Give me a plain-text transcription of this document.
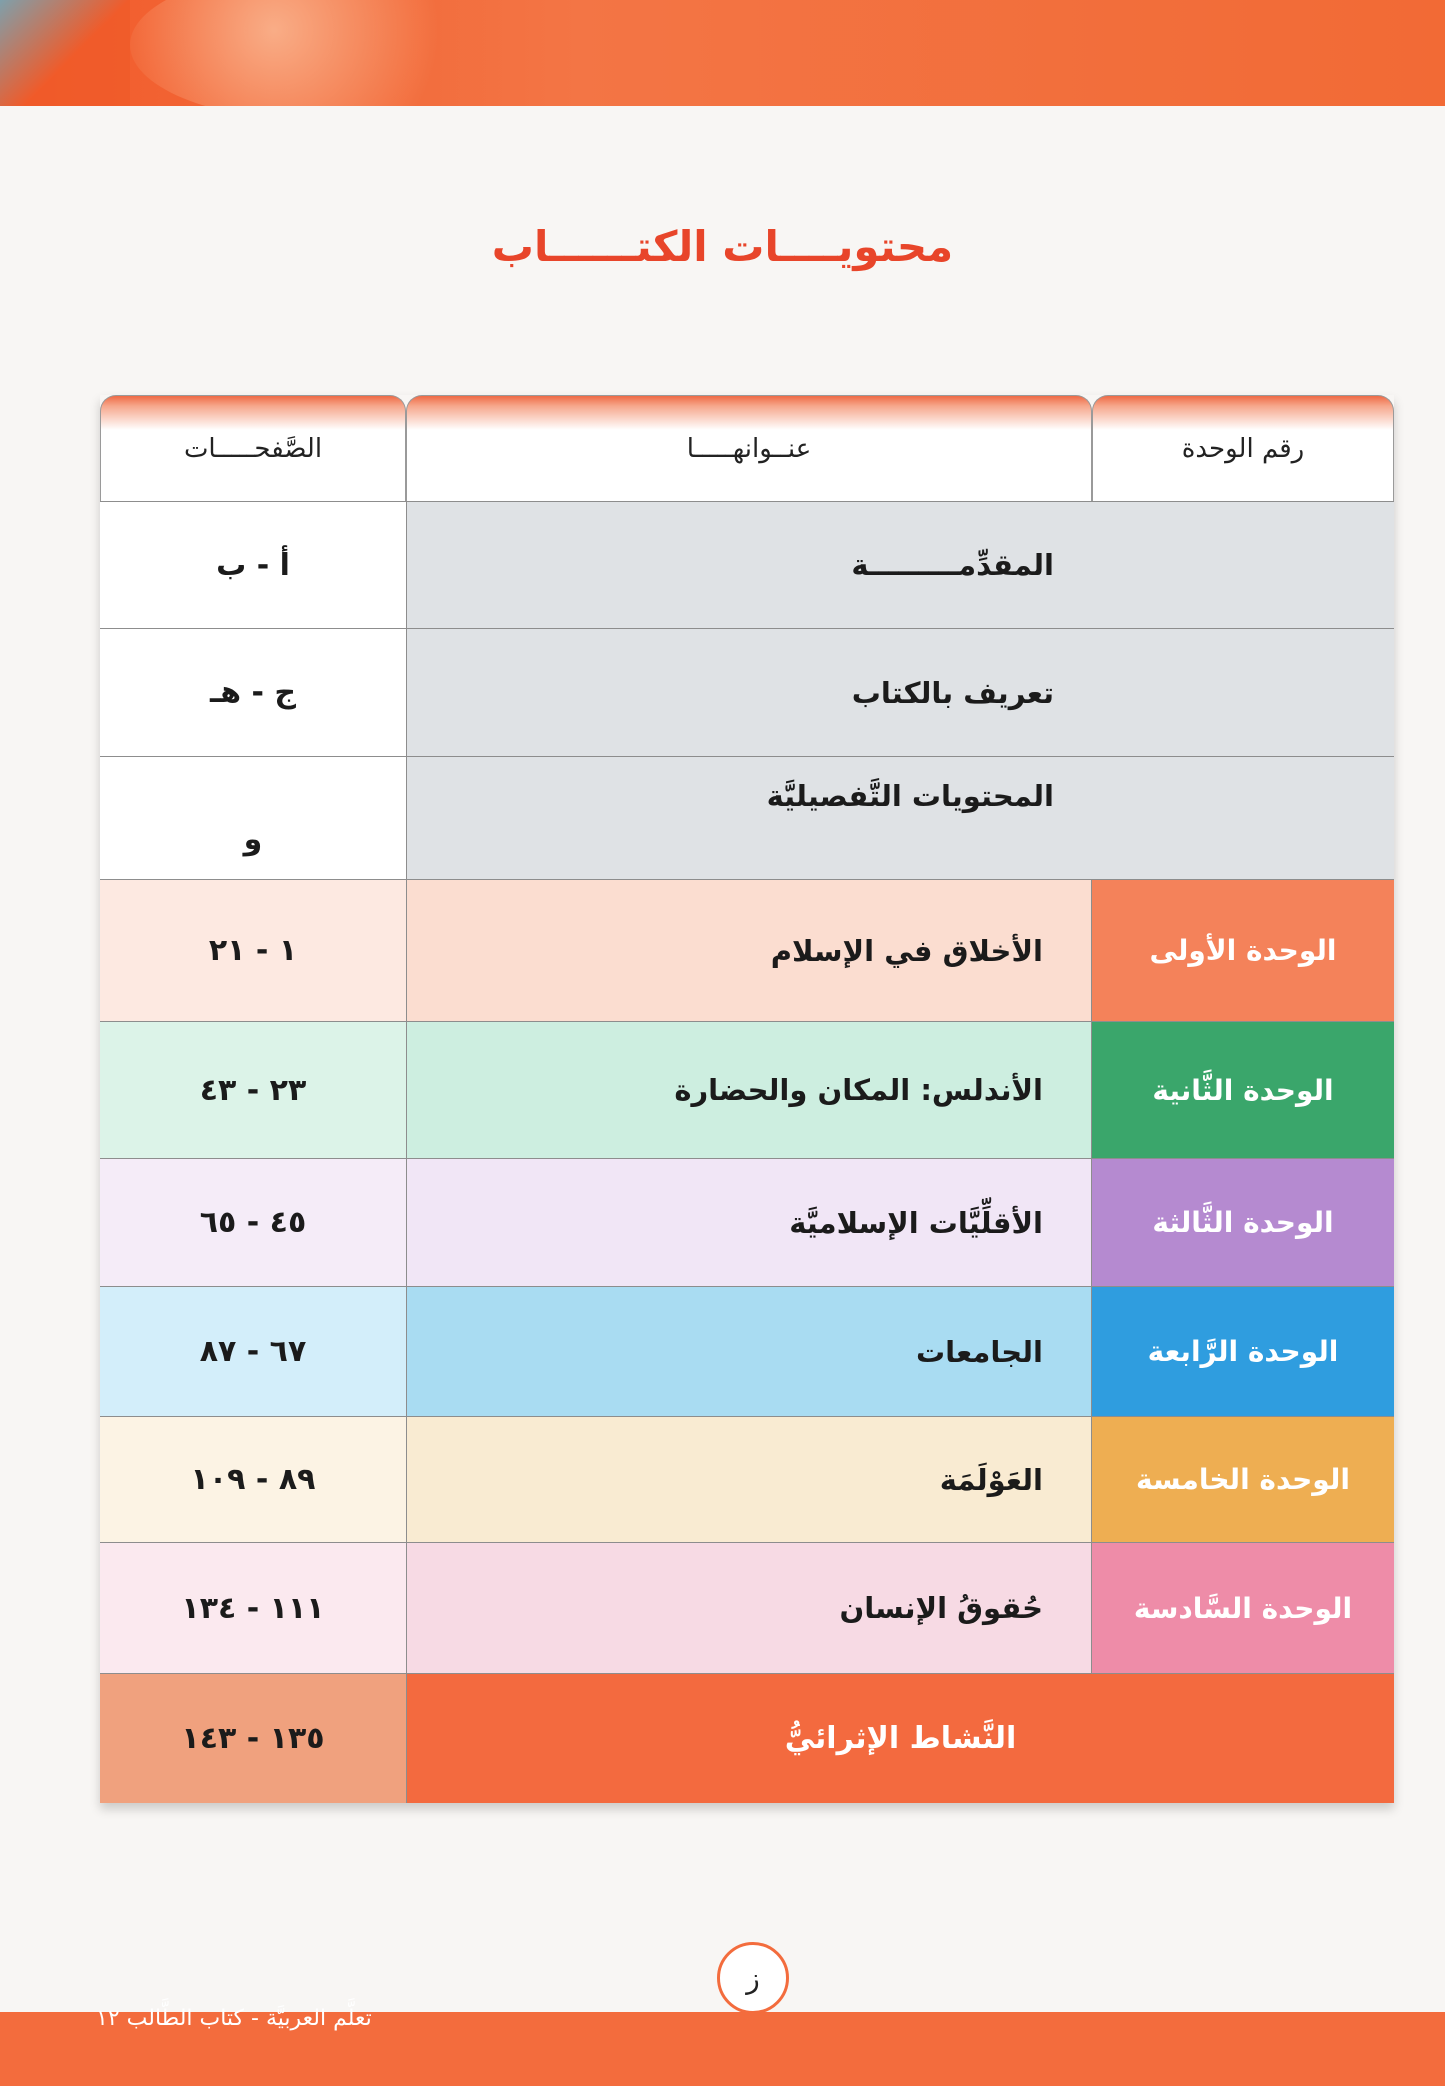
محتويــــات الكتــــــاب
رقم الوحدة
عنــوانهـــــا
الصَّفحـــــات
المقدِّمـــــــــة
أ - ب
تعريف بالكتاب
ج - هـ
المحتويات التَّفصيليَّة
و
الوحدة الأولى
الأخلاق في الإسلام
١ - ٢١
الوحدة الثَّانية
الأندلس: المكان والحضارة
٢٣ - ٤٣
الوحدة الثَّالثة
الأقلِّيَّات الإسلاميَّة
٤٥ - ٦٥
الوحدة الرَّابعة
الجامعات
٦٧ - ٨٧
الوحدة الخامسة
العَوْلَمَة
٨٩ - ١٠٩
الوحدة السَّادسة
حُقوقُ الإنسان
١١١ - ١٣٤
النَّشاط الإثرائيُّ
١٣٥ - ١٤٣
ز
تعلَّم العربيَّة - كتاب الطَّالب ١٢
